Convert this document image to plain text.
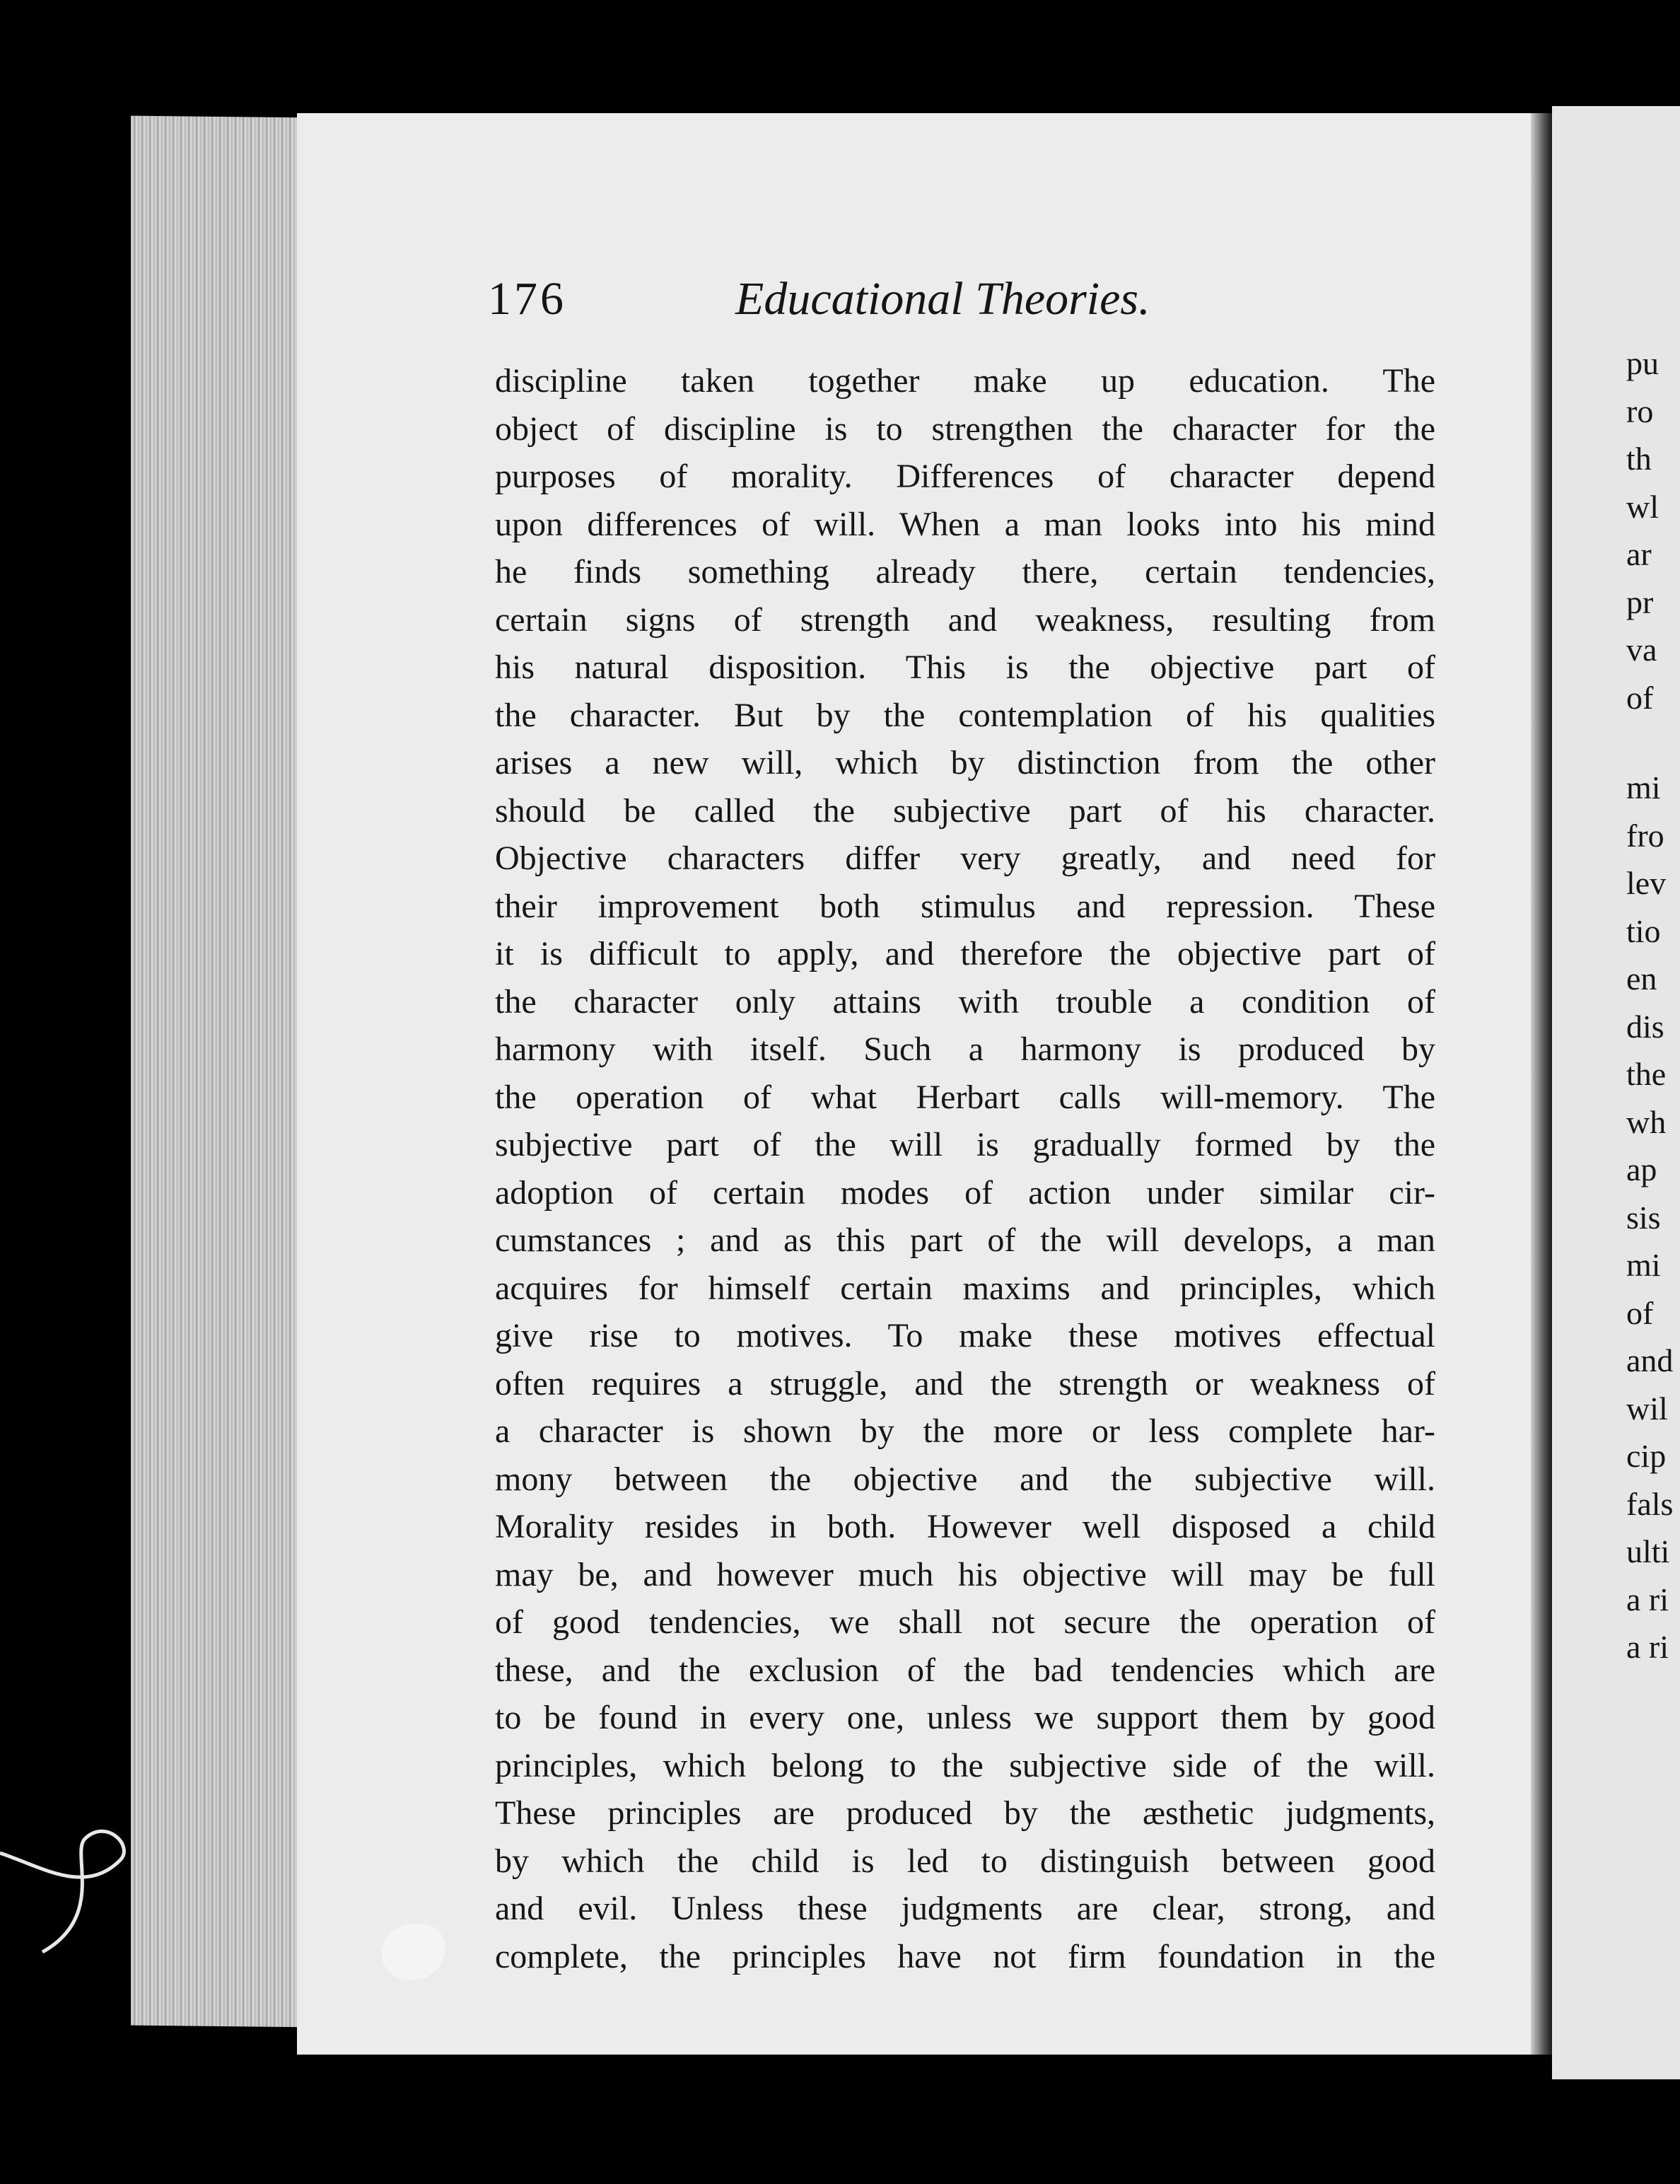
176	Educational Theories.
discipline taken together make up education. The
object of discipline is to strengthen the character for the
purposes of morality. Differences of character depend
upon differences of will. When a man looks into his mind
he finds something already there, certain tendencies,
certain signs of strength and weakness, resulting from
his natural disposition. This is the objective part of
the character. But by the contemplation of his qualities
arises a new will, which by distinction from the other
should be called the subjective part of his character.
Objective characters differ very greatly, and need for
their improvement both stimulus and repression. These
it is difficult to apply, and therefore the objective part of
the character only attains with trouble a condition of
harmony with itself. Such a harmony is produced by
the operation of what Herbart calls will-memory. The
subjective part of the will is gradually formed by the
adoption of certain modes of action under similar cir-
cumstances ; and as this part of the will develops, a man
acquires for himself certain maxims and principles, which
give rise to motives. To make these motives effectual
often requires a struggle, and the strength or weakness of
a character is shown by the more or less complete har-
mony between the objective and the subjective will.
Morality resides in both. However well disposed a child
may be, and however much his objective will may be full
of good tendencies, we shall not secure the operation of
these, and the exclusion of the bad tendencies which are
to be found in every one, unless we support them by good
principles, which belong to the subjective side of the will.
These principles are produced by the æsthetic judgments,
by which the child is led to distinguish between good
and evil. Unless these judgments are clear, strong, and
complete, the principles have not firm foundation in the
pu
ro
th
wl
ar
pr
va
of
mi
fro
lev
tio
en
dis
the
wh
ap
sis
mi
of
and
wil
cip
fals
ulti
a ri
a ri
